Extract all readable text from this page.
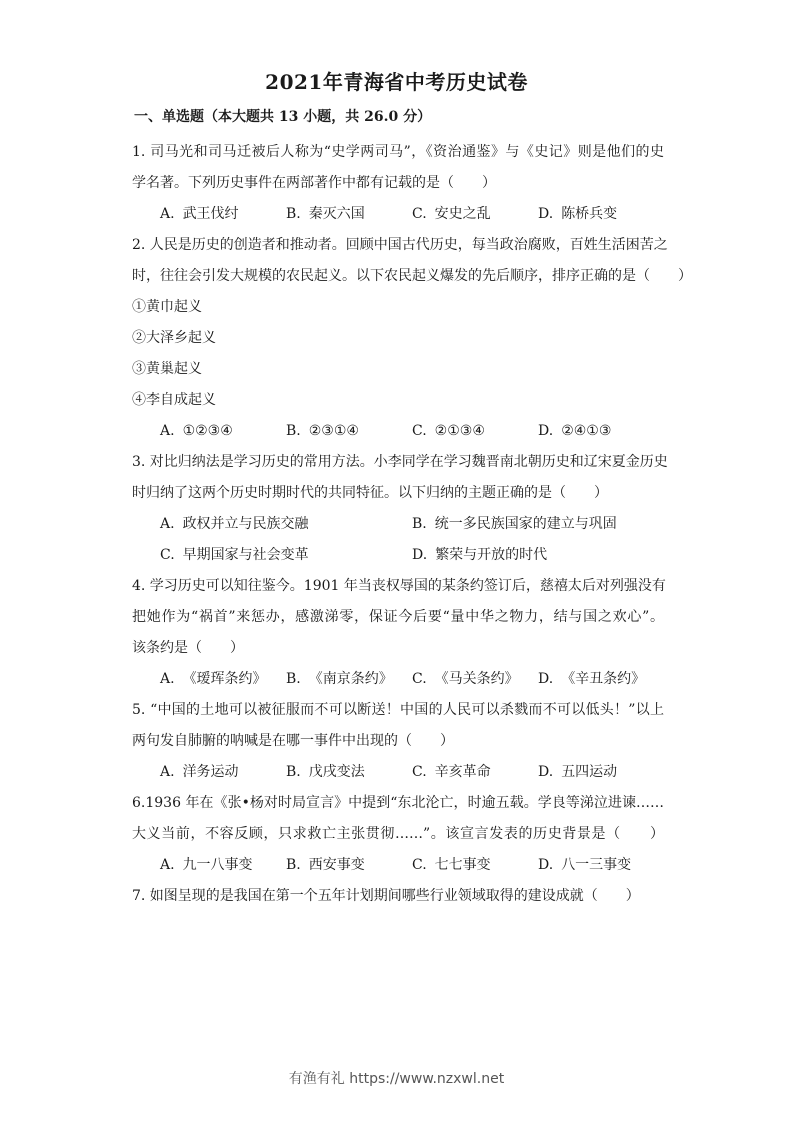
2021年青海省中考历史试卷
一、单选题（本大题共 13 小题，共 26.0 分）
1. 司马光和司马迁被后人称为“史学两司马”，《资治通鉴》与《史记》则是他们的史
学名著。下列历史事件在两部著作中都有记载的是（　　）
A. 武王伐纣	B. 秦灭六国	C. 安史之乱	D. 陈桥兵变
2. 人民是历史的创造者和推动者。回顾中国古代历史，每当政治腐败，百姓生活困苦之
时，往往会引发大规模的农民起义。以下农民起义爆发的先后顺序，排序正确的是（　　）
①黄巾起义
②大泽乡起义
③黄巢起义
④李自成起义
A. ①②③④	B. ②③①④	C. ②①③④	D. ②④①③
3. 对比归纳法是学习历史的常用方法。小李同学在学习魏晋南北朝历史和辽宋夏金历史
时归纳了这两个历史时期时代的共同特征。以下归纳的主题正确的是（　　）
A. 政权并立与民族交融	B. 统一多民族国家的建立与巩固
C. 早期国家与社会变革	D. 繁荣与开放的时代
4. 学习历史可以知往鉴今。1901 年当丧权辱国的某条约签订后，慈禧太后对列强没有
把她作为“祸首”来惩办，感激涕零，保证今后要“量中华之物力，结与国之欢心”。
该条约是（　　）
A. 《瑷珲条约》 B. 《南京条约》 C. 《马关条约》 D. 《辛丑条约》
5. “中国的土地可以被征服而不可以断送！中国的人民可以杀戮而不可以低头！”以上
两句发自肺腑的呐喊是在哪一事件中出现的（　　）
A. 洋务运动	B. 戊戌变法	C. 辛亥革命	D. 五四运动
6.1936 年在《张•杨对时局宣言》中提到“东北沦亡，时逾五载。学良等涕泣进谏……
大义当前，不容反顾，只求救亡主张贯彻……”。该宣言发表的历史背景是（　　）
A. 九一八事变 B. 西安事变	C. 七七事变	D. 八一三事变
7. 如图呈现的是我国在第一个五年计划期间哪些行业领域取得的建设成就（　　）
有渔有礼 https://www.nzxwl.net
